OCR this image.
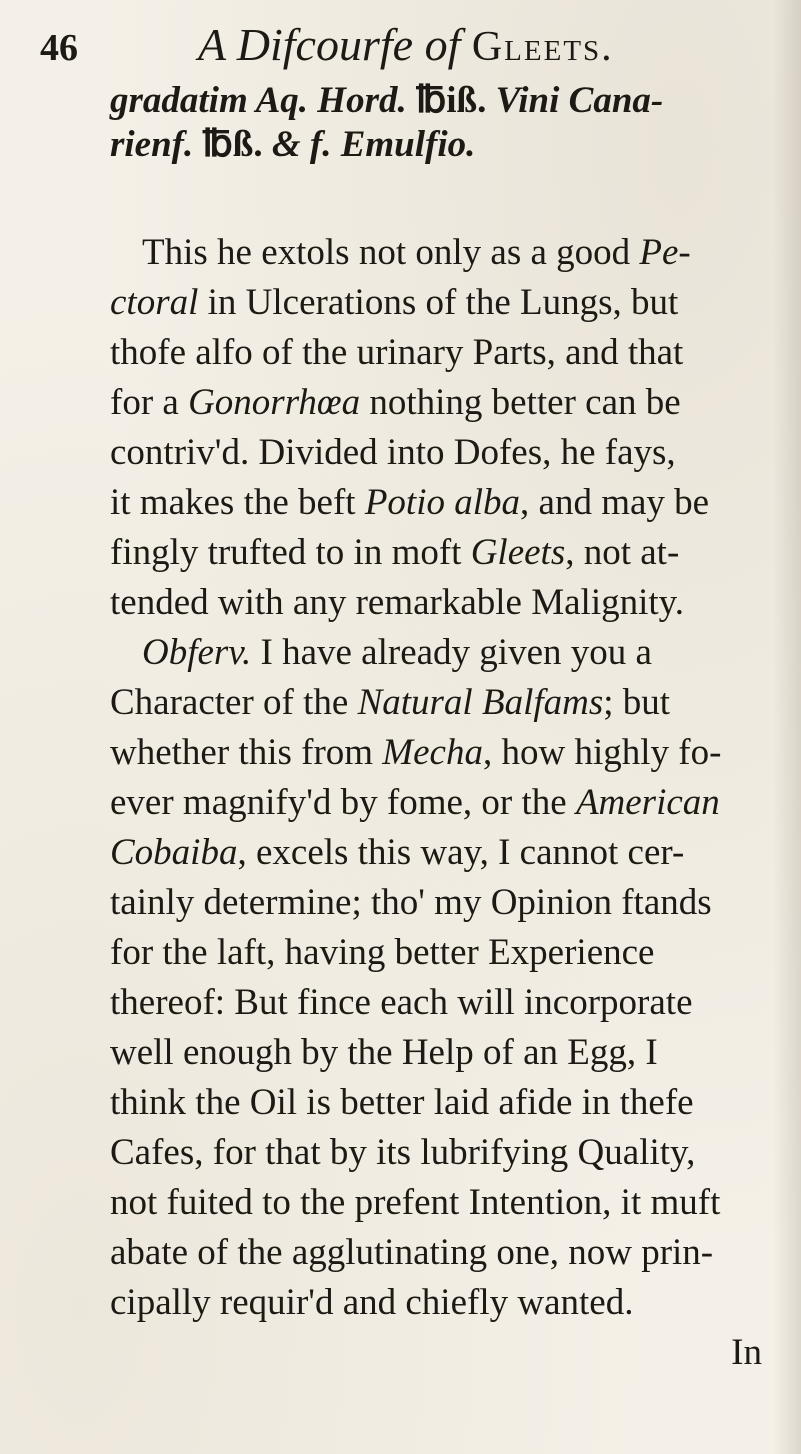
46	A Difcourfe of Gleets.
gradatim Aq. Hord. ℔iß. Vini Cana-
rienf. ℔ß. & f. Emulfio.
This he extols not only as a good Pe-
ctoral in Ulcerations of the Lungs, but
thofe alfo of the urinary Parts, and that
for a Gonorrhœa nothing better can be
contriv'd. Divided into Dofes, he fays,
it makes the beft Potio alba, and may be
fingly trufted to in moft Gleets, not at-
tended with any remarkable Malignity.
Obferv. I have already given you a
Character of the Natural Balfams; but
whether this from Mecha, how highly fo-
ever magnify'd by fome, or the American
Cobaiba, excels this way, I cannot cer-
tainly determine; tho' my Opinion ftands
for the laft, having better Experience
thereof: But fince each will incorporate
well enough by the Help of an Egg, I
think the Oil is better laid afide in thefe
Cafes, for that by its lubrifying Quality,
not fuited to the prefent Intention, it muft
abate of the agglutinating one, now prin-
cipally requir'd and chiefly wanted.
In
